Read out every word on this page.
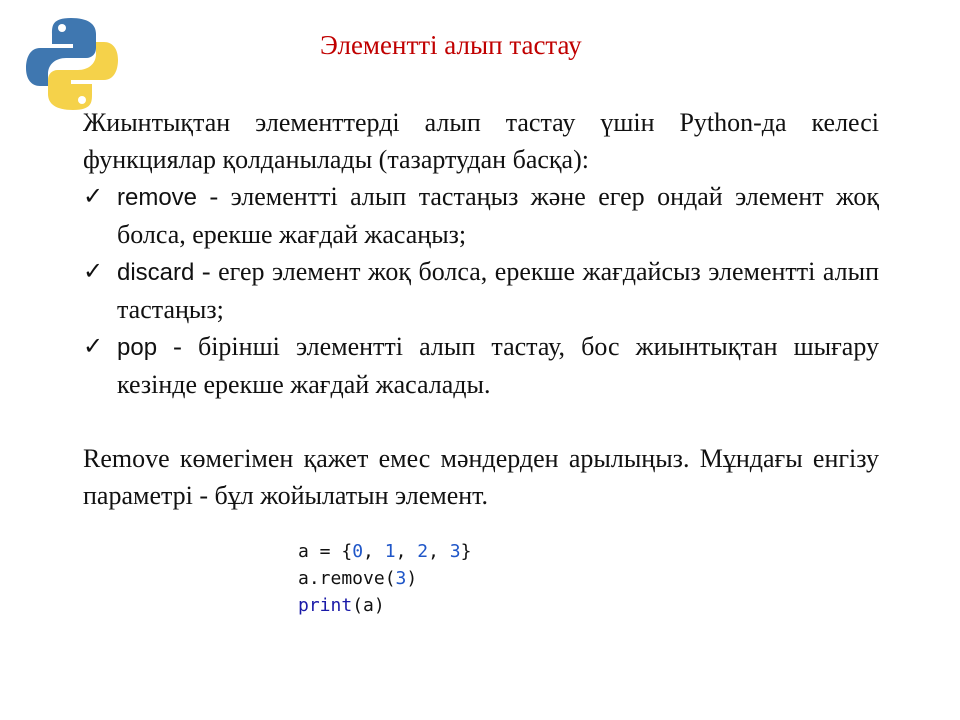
Элементті алып тастау

Жиынтықтан элементтерді алып тастау үшін Python-да келесі функциялар қолданылады (тазартудан басқа):

✓ remove - элементті алып тастаңыз және егер ондай элемент жоқ болса, ерекше жағдай жасаңыз;
✓ discard - егер элемент жоқ болса, ерекше жағдайсыз элементті алып тастаңыз;
✓ pop - бірінші элементті алып тастау, бос жиынтықтан шығару кезінде ерекше жағдай жасалады.

Remove көмегімен қажет емес мәндерден арылыңыз. Мұндағы енгізу параметрі - бұл жойылатын элемент.

a = {0, 1, 2, 3}
a.remove(3)
print(a)
